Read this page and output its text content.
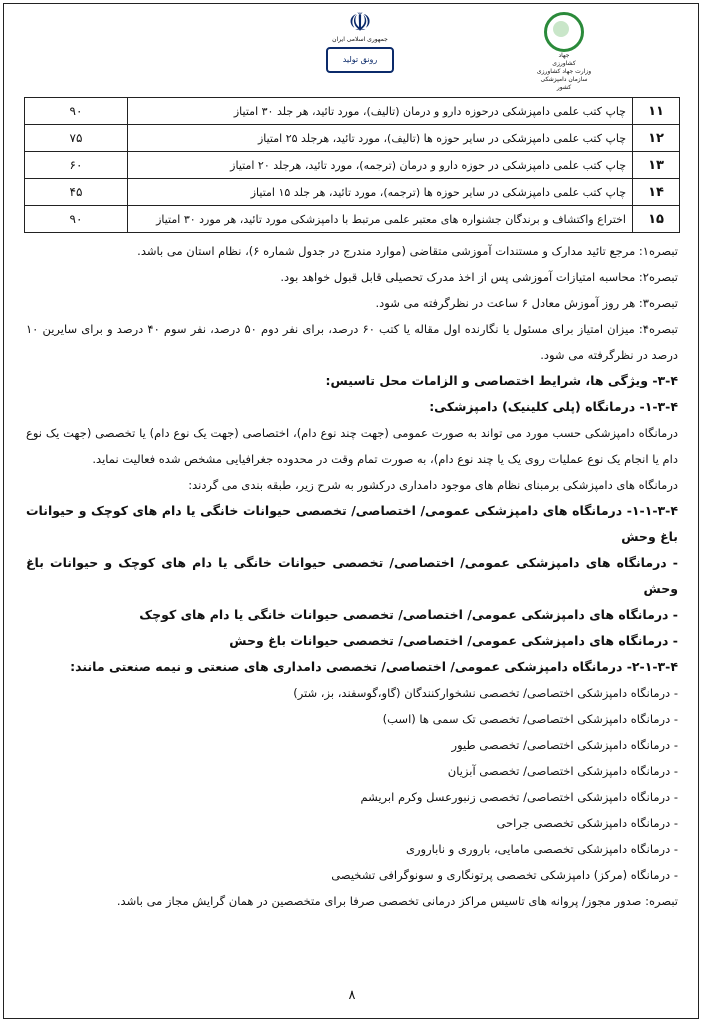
☫
جمهوری اسلامی ایران
رونق تولید	جهاد
کشاورزی
وزارت جهاد کشاورزی
سازمان دامپزشکی کشور
۱۱	چاپ کتب علمی دامپزشکی درحوزه دارو و درمان (تالیف)، مورد تائید، هر جلد ۳۰ امتیاز	۹۰
۱۲	چاپ کتب علمی دامپزشکی در سایر حوزه ها (تالیف)، مورد تائید، هرجلد ۲۵ امتیاز	۷۵
۱۳	چاپ کتب علمی دامپزشکی در حوزه دارو و درمان (ترجمه)، مورد تائید، هرجلد ۲۰ امتیاز	۶۰
۱۴	چاپ کتب علمی دامپزشکی در سایر حوزه ها (ترجمه)، مورد تائید، هر جلد ۱۵ امتیاز	۴۵
۱۵	اختراع واکتشاف و برندگان جشنواره های معتبر علمی مرتبط با دامپزشکی مورد تائید، هر مورد ۳۰ امتیاز	۹۰

تبصره۱: مرجع تائید مدارک و مستندات آموزشی متقاضی (موارد مندرج در جدول شماره ۶)، نظام استان می باشد.

تبصره۲: محاسبه امتیازات آموزشی پس از اخذ مدرک تحصیلی قابل قبول خواهد بود.

تبصره۳: هر روز آموزش معادل ۶ ساعت در نظرگرفته می شود.

تبصره۴: میزان امتیاز برای مسئول یا نگارنده اول مقاله یا کتب ۶۰ درصد، برای نفر دوم ۵۰ درصد، نفر سوم ۴۰ درصد و برای سایرین ۱۰ درصد در نظرگرفته می شود.

۳-۴- ویژگی ها، شرایط اختصاصی و الزامات محل تاسیس:

۱-۳-۴- درمانگاه (پلی کلینیک) دامپزشکی:

درمانگاه دامپزشکی حسب مورد می تواند به صورت عمومی (جهت چند نوع دام)، اختصاصی (جهت یک نوع دام) یا تخصصی (جهت یک نوع دام یا انجام یک نوع عملیات روی یک یا چند نوع دام)، به صورت تمام وقت در محدوده جغرافیایی مشخص شده فعالیت نماید.

درمانگاه های دامپزشکی برمبنای نظام های موجود دامداری درکشور به شرح زیر، طبقه بندی می گردند:

۱-۱-۳-۴- درمانگاه های دامپزشکی عمومی/ اختصاصی/ تخصصی حیوانات خانگی یا دام های کوچک و حیوانات باغ وحش

- درمانگاه های دامپزشکی عمومی/ اختصاصی/ تخصصی حیوانات خانگی یا دام های کوچک و حیوانات باغ وحش

- درمانگاه های دامپزشکی عمومی/ اختصاصی/ تخصصی حیوانات خانگی یا دام های کوچک

- درمانگاه های دامپزشکی عمومی/ اختصاصی/ تخصصی حیوانات باغ وحش

۲-۱-۳-۴- درمانگاه دامپزشکی عمومی/ اختصاصی/ تخصصی دامداری های صنعتی و نیمه صنعتی مانند:

- درمانگاه دامپزشکی اختصاصی/ تخصصی نشخوارکنندگان (گاو،گوسفند، بز، شتر)

- درمانگاه دامپزشکی اختصاصی/ تخصصی تک سمی ها (اسب)

- درمانگاه دامپزشکی اختصاصی/ تخصصی طیور

- درمانگاه دامپزشکی اختصاصی/ تخصصی آبزیان

- درمانگاه دامپزشکی اختصاصی/ تخصصی زنبورعسل وکرم ابریشم

- درمانگاه دامپزشکی تخصصی جراحی

- درمانگاه دامپزشکی تخصصی مامایی، باروری و ناباروری

- درمانگاه (مرکز) دامپزشکی تخصصی پرتونگاری و سونوگرافی تشخیصی

تبصره: صدور مجوز/ پروانه های تاسیس مراکز درمانی تخصصی صرفا برای متخصصین در همان گرایش مجاز می باشد.

۸
